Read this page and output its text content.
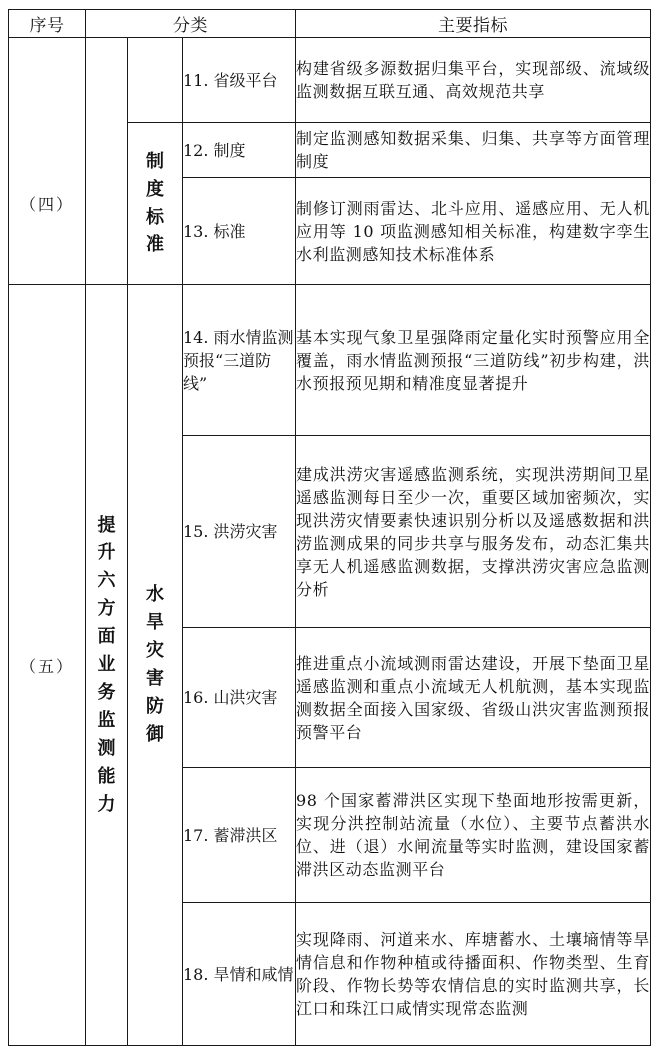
序号	分类			主要指标
			11. 省级平台	构建省级多源数据归集平台，实现部级、流域级监测数据互联互通、高效规范共享
（四）		制度标准	12. 制度	制定监测感知数据采集、归集、共享等方面管理制度
			13. 标准	制修订测雨雷达、北斗应用、遥感应用、无人机应用等 10 项监测感知相关标准，构建数字孪生水利监测感知技术标准体系
（五）	提升六方面业务监测能力	水旱灾害防御	14. 雨水情监测预报“三道防线”	基本实现气象卫星强降雨定量化实时预警应用全覆盖，雨水情监测预报“三道防线”初步构建，洪水预报预见期和精准度显著提升
			15. 洪涝灾害	建成洪涝灾害遥感监测系统，实现洪涝期间卫星遥感监测每日至少一次，重要区域加密频次，实现洪涝灾情要素快速识别分析以及遥感数据和洪涝监测成果的同步共享与服务发布，动态汇集共享无人机遥感监测数据，支撑洪涝灾害应急监测分析
			16. 山洪灾害	推进重点小流域测雨雷达建设，开展下垫面卫星遥感监测和重点小流域无人机航测，基本实现监测数据全面接入国家级、省级山洪灾害监测预报预警平台
			17. 蓄滞洪区	98 个国家蓄滞洪区实现下垫面地形按需更新，实现分洪控制站流量（水位）、主要节点蓄洪水位、进（退）水闸流量等实时监测，建设国家蓄滞洪区动态监测平台
			18. 旱情和咸情	实现降雨、河道来水、库塘蓄水、土壤墒情等旱情信息和作物种植或待播面积、作物类型、生育阶段、作物长势等农情信息的实时监测共享，长江口和珠江口咸情实现常态监测
